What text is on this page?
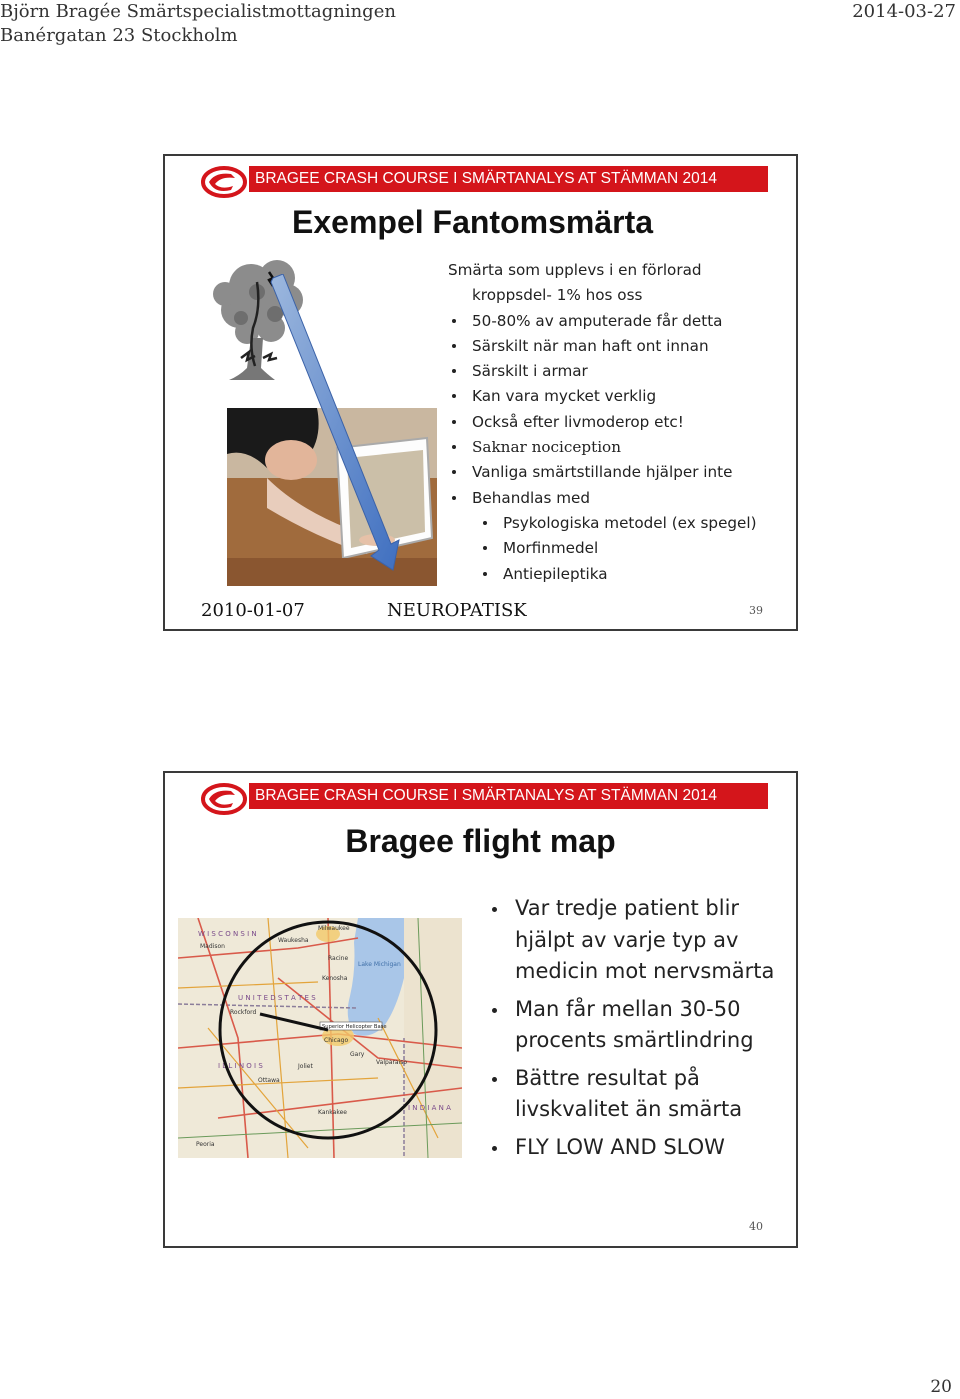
Björn Bragée Smärtspecialistmottagningen
Banérgatan 23 Stockholm
2014-03-27
BRAGEE CRASH COURSE I SMÄRTANALYS AT STÄMMAN 2014
Exempel Fantomsmärta
Smärta som upplevs i en förlorad
kroppsdel- 1% hos oss
50-80% av amputerade får detta
Särskilt när man haft ont innan
Särskilt i armar
Kan vara mycket verklig
Också efter livmoderop etc!
Saknar nociception
Vanliga smärtstillande hjälper inte
Behandlas med
Psykologiska metodel (ex spegel)
Morfinmedel
Antiepileptika
2010-01-07	NEUROPATISK	39
BRAGEE CRASH COURSE I SMÄRTANALYS AT STÄMMAN 2014
Bragee flight map
W I S C O N S I N
U N I T E D S T A T E S
I L L I N O I S
I N D I A N A
Lake Michigan
Madison
Milwaukee
Waukesha
Racine
Kenosha
Rockford
Chicago
Gary
Valparaiso
Peoria
Ottawa
Joliet
Kankakee
Superior Helicopter Base
Var tredje patient blir hjälpt av varje typ av medicin mot nervsmärta
Man får mellan 30-50 procents smärtlindring
Bättre resultat på livskvalitet än smärta
FLY LOW AND SLOW
40
20
